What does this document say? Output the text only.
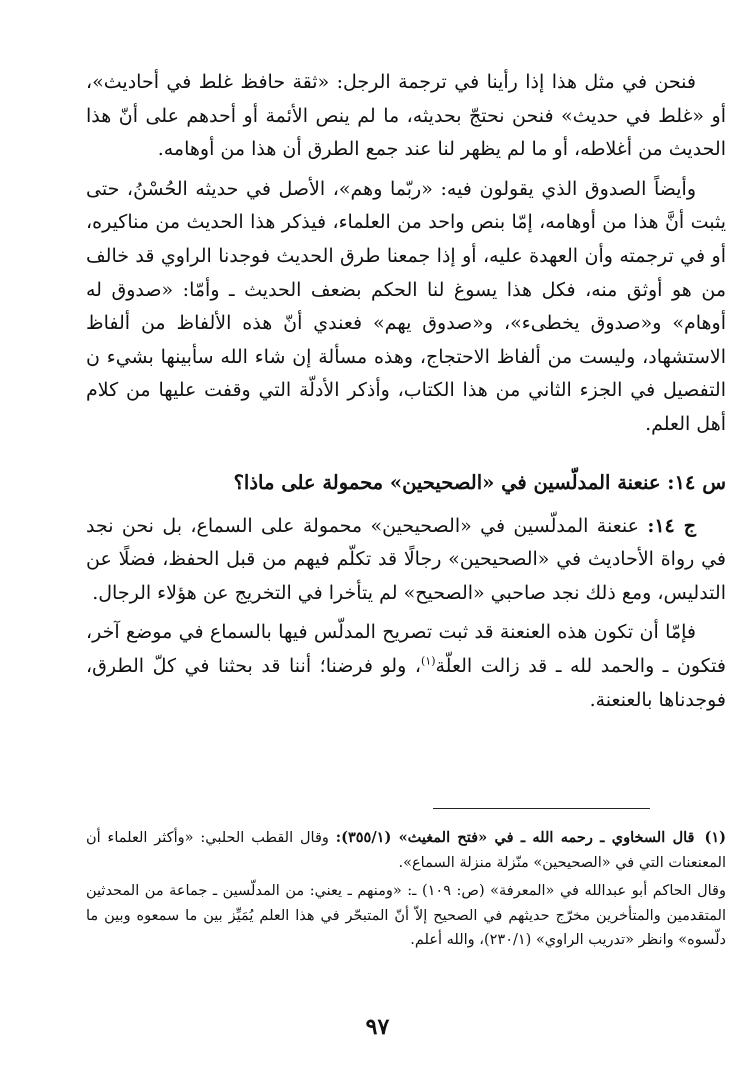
فنحن في مثل هذا إذا رأينا في ترجمة الرجل: «ثقة حافظ غلط في أحاديث»، أو «غلط في حديث» فنحن نحتجّ بحديثه، ما لم ينص الأئمة أو أحدهم على أنّ هذا الحديث من أغلاطه، أو ما لم يظهر لنا عند جمع الطرق أن هذا من أوهامه.

وأيضاً الصدوق الذي يقولون فيه: «ربّما وهم»، الأصل في حديثه الحُسْنُ، حتى يثبت أنَّ هذا من أوهامه، إمّا بنص واحد من العلماء، فيذكر هذا الحديث من مناكيره، أو في ترجمته وأن العهدة عليه، أو إذا جمعنا طرق الحديث فوجدنا الراوي قد خالف من هو أوثق منه، فكل هذا يسوغ لنا الحكم بضعف الحديث ـ وأمّا: «صدوق له أوهام» و«صدوق يخطىء»، و«صدوق يهم» فعندي أنّ هذه الألفاظ من ألفاظ الاستشهاد، وليست من ألفاظ الاحتجاج، وهذه مسألة إن شاء الله سأبينها بشيء ن التفصيل في الجزء الثاني من هذا الكتاب، وأذكر الأدلّة التي وقفت عليها من كلام أهل العلم.

س ١٤: عنعنة المدلّسين في «الصحيحين» محمولة على ماذا؟

ج ١٤: عنعنة المدلّسين في «الصحيحين» محمولة على السماع، بل نحن نجد في رواة الأحاديث في «الصحيحين» رجالًا قد تكلّم فيهم من قبل الحفظ، فضلًا عن التدليس، ومع ذلك نجد صاحبي «الصحيح» لم يتأخرا في التخريج عن هؤلاء الرجال.

فإمّا أن تكون هذه العنعنة قد ثبت تصريح المدلّس فيها بالسماع في موضع آخر، فتكون ـ والحمد لله ـ قد زالت العلّة$^{(١)}$، ولو فرضنا؛ أننا قد بحثنا في كلّ الطرق، فوجدناها بالعنعنة.

(١)قال السخاوي ـ رحمه الله ـ في «فتح المغيث» (٣٥٥/١): وقال القطب الحلبي: «وأكثر العلماء أن المعنعنات التي في «الصحيحين» منّزلة منزلة السماع».

وقال الحاكم أبو عبدالله في «المعرفة» (ص: ١٠٩) ـ: «ومنهم ـ يعني: من المدلّسين ـ جماعة من المحدثين المتقدمين والمتأخرين مخرّج حديثهم في الصحيح إلاّ أنّ المتبحّر في هذا العلم يُمَيِّز بين ما سمعوه وبين ما دلّسوه» وانظر «تدريب الراوي» (٢٣٠/١)، والله أعلم.

٩٧
